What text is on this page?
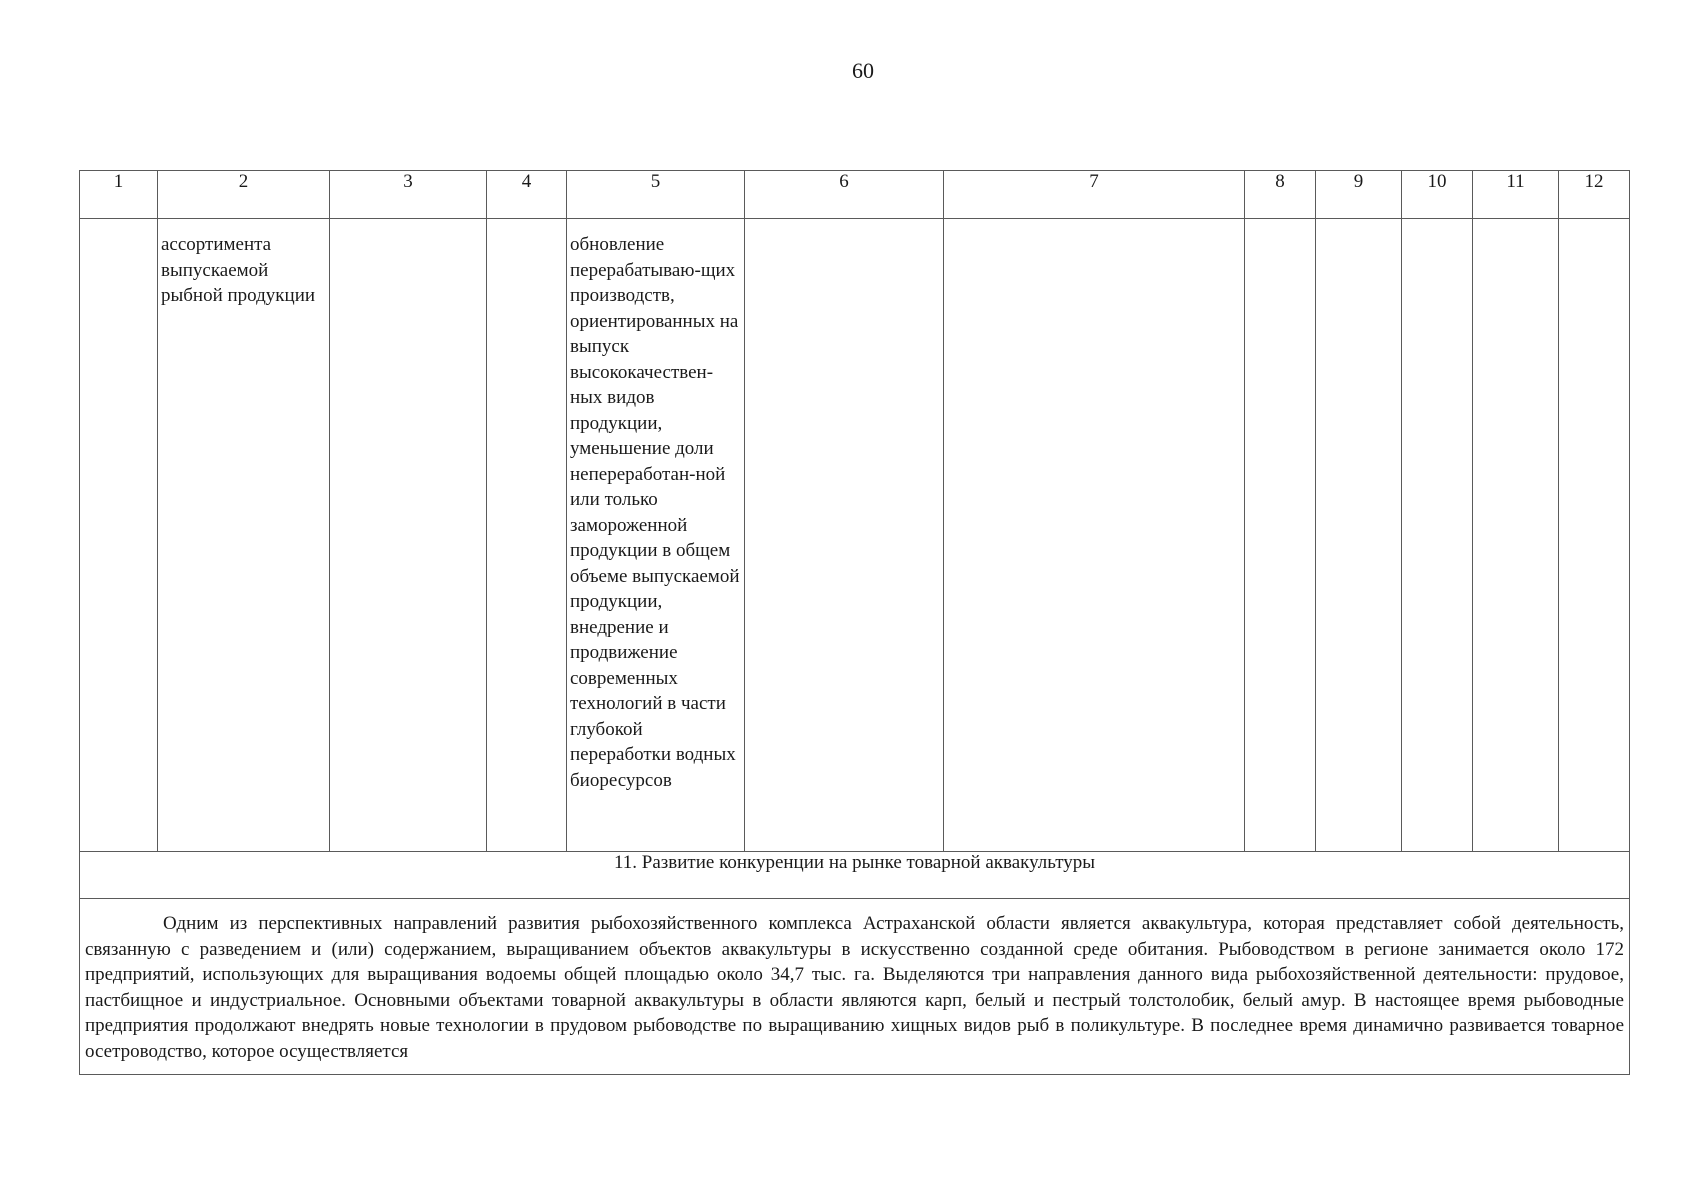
60
1	2	3	4	5	6	7	8	9	10	11	12

	ассортимента выпускаемой рыбной продукции			обновление перерабатываю-щих производств, ориентированных на выпуск высококачествен-ных видов продукции, уменьшение доли непереработан-ной или только замороженной продукции в общем объеме выпускаемой продукции, внедрение и продвижение современных технологий в части глубокой переработки водных биоресурсов							

11. Развитие конкуренции на рынке товарной аквакультуры											

Одним из перспективных направлений развития рыбохозяйственного комплекса Астраханской области является аквакультура, которая представляет собой деятельность, связанную с разведением и (или) содержанием, выращиванием объектов аквакультуры в искусственно созданной среде обитания. Рыбоводством в регионе занимается около 172 предприятий, использующих для выращивания водоемы общей площадью около 34,7 тыс. га. Выделяются три направления данного вида рыбохозяйственной деятельности: прудовое, пастбищное и индустриальное. Основными объектами товарной аквакультуры в области являются карп, белый и пестрый толстолобик, белый амур. В настоящее время рыбоводные предприятия продолжают внедрять новые технологии в прудовом рыбоводстве по выращиванию хищных видов рыб в поликультуре. В последнее время динамично развивается товарное осетроводство, которое осуществляется											
